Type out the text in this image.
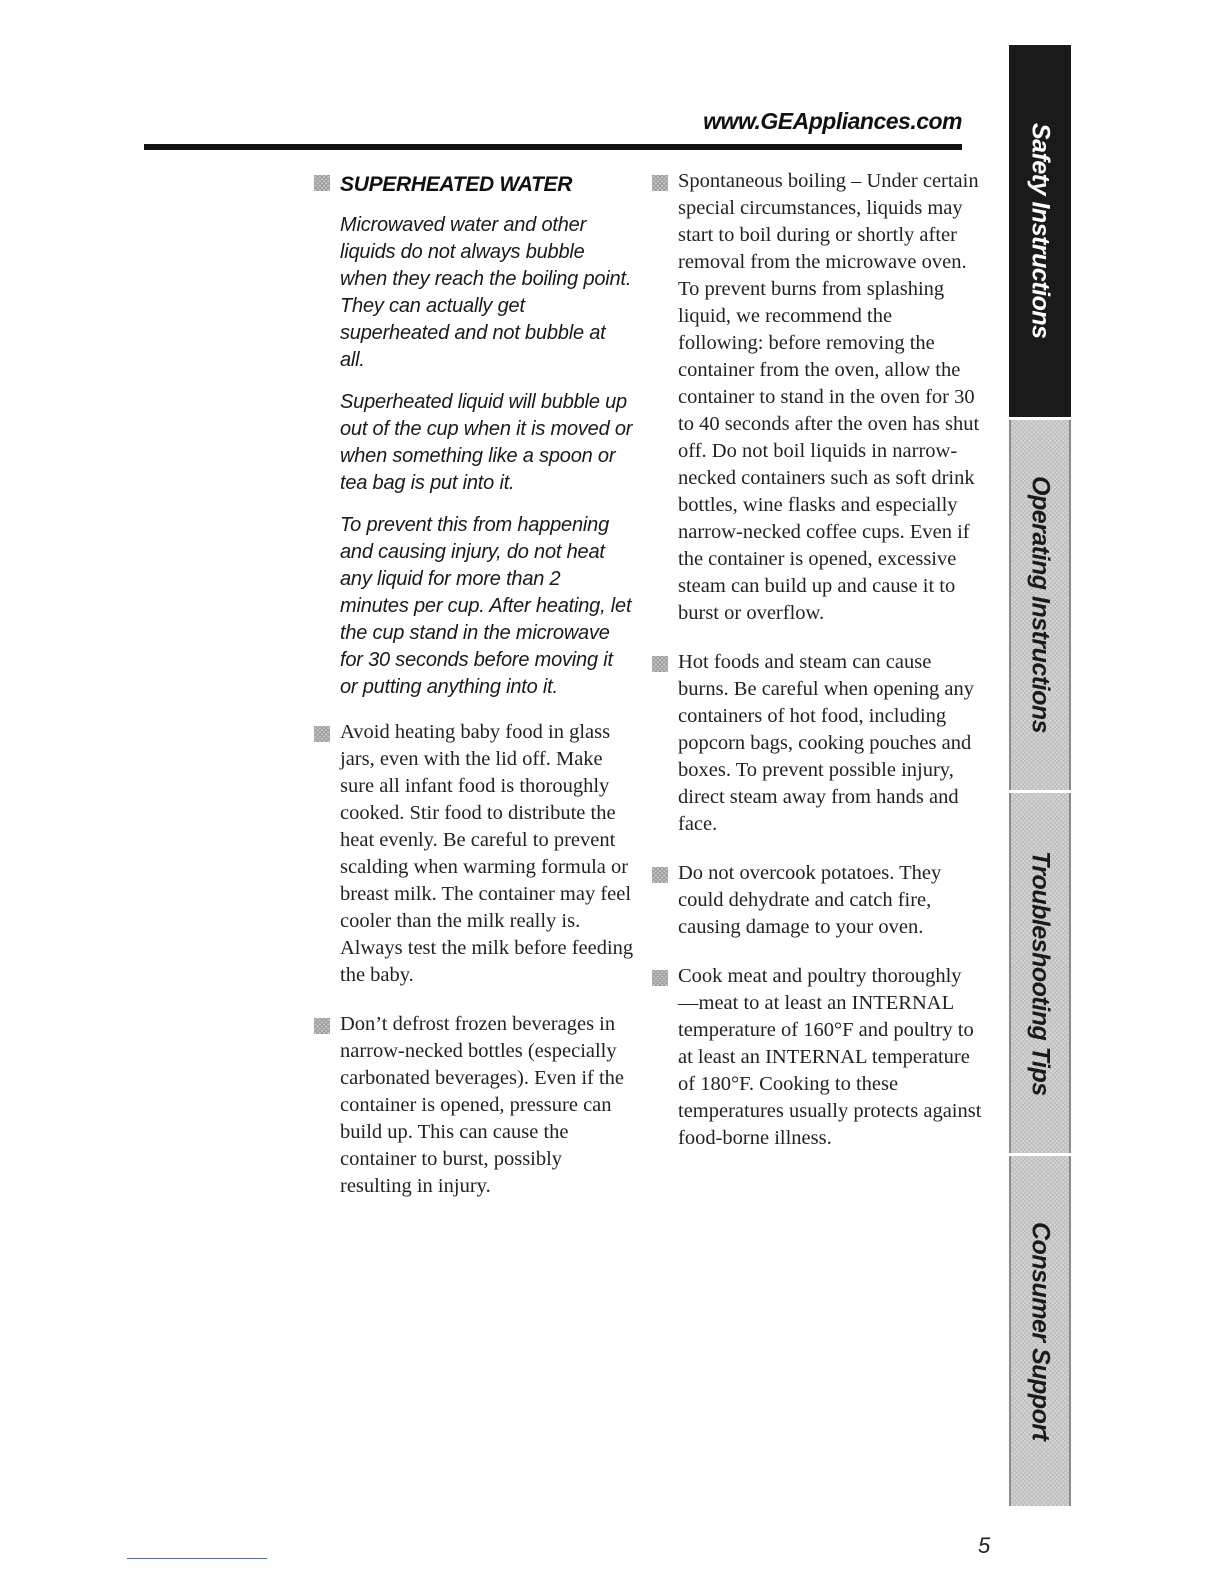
www.GEAppliances.com
SUPERHEATED WATER

Microwaved water and other liquids do not always bubble when they reach the boiling point. They can actually get superheated and not bubble at all.

Superheated liquid will bubble up out of the cup when it is moved or when something like a spoon or tea bag is put into it.

To prevent this from happening and causing injury, do not heat any liquid for more than 2 minutes per cup. After heating, let the cup stand in the microwave for 30 seconds before moving it or putting anything into it.

Avoid heating baby food in glass jars, even with the lid off. Make sure all infant food is thoroughly cooked. Stir food to distribute the heat evenly. Be careful to prevent scalding when warming formula or breast milk. The container may feel cooler than the milk really is. Always test the milk before feeding the baby.

Don’t defrost frozen beverages in narrow-necked bottles (especially carbonated beverages). Even if the container is opened, pressure can build up. This can cause the container to burst, possibly resulting in injury.

Spontaneous boiling – Under certain special circumstances, liquids may start to boil during or shortly after removal from the microwave oven. To prevent burns from splashing liquid, we recommend the following: before removing the container from the oven, allow the container to stand in the oven for 30 to 40 seconds after the oven has shut off. Do not boil liquids in narrow-necked containers such as soft drink bottles, wine flasks and especially narrow-necked coffee cups. Even if the container is opened, excessive steam can build up and cause it to burst or overflow.

Hot foods and steam can cause burns. Be careful when opening any containers of hot food, including popcorn bags, cooking pouches and boxes. To prevent possible injury, direct steam away from hands and face.

Do not overcook potatoes. They could dehydrate and catch fire, causing damage to your oven.

Cook meat and poultry thoroughly—meat to at least an INTERNAL temperature of 160°F and poultry to at least an INTERNAL temperature of 180°F. Cooking to these temperatures usually protects against food-borne illness.

Safety Instructions
Operating Instructions
Troubleshooting Tips
Consumer Support
5
